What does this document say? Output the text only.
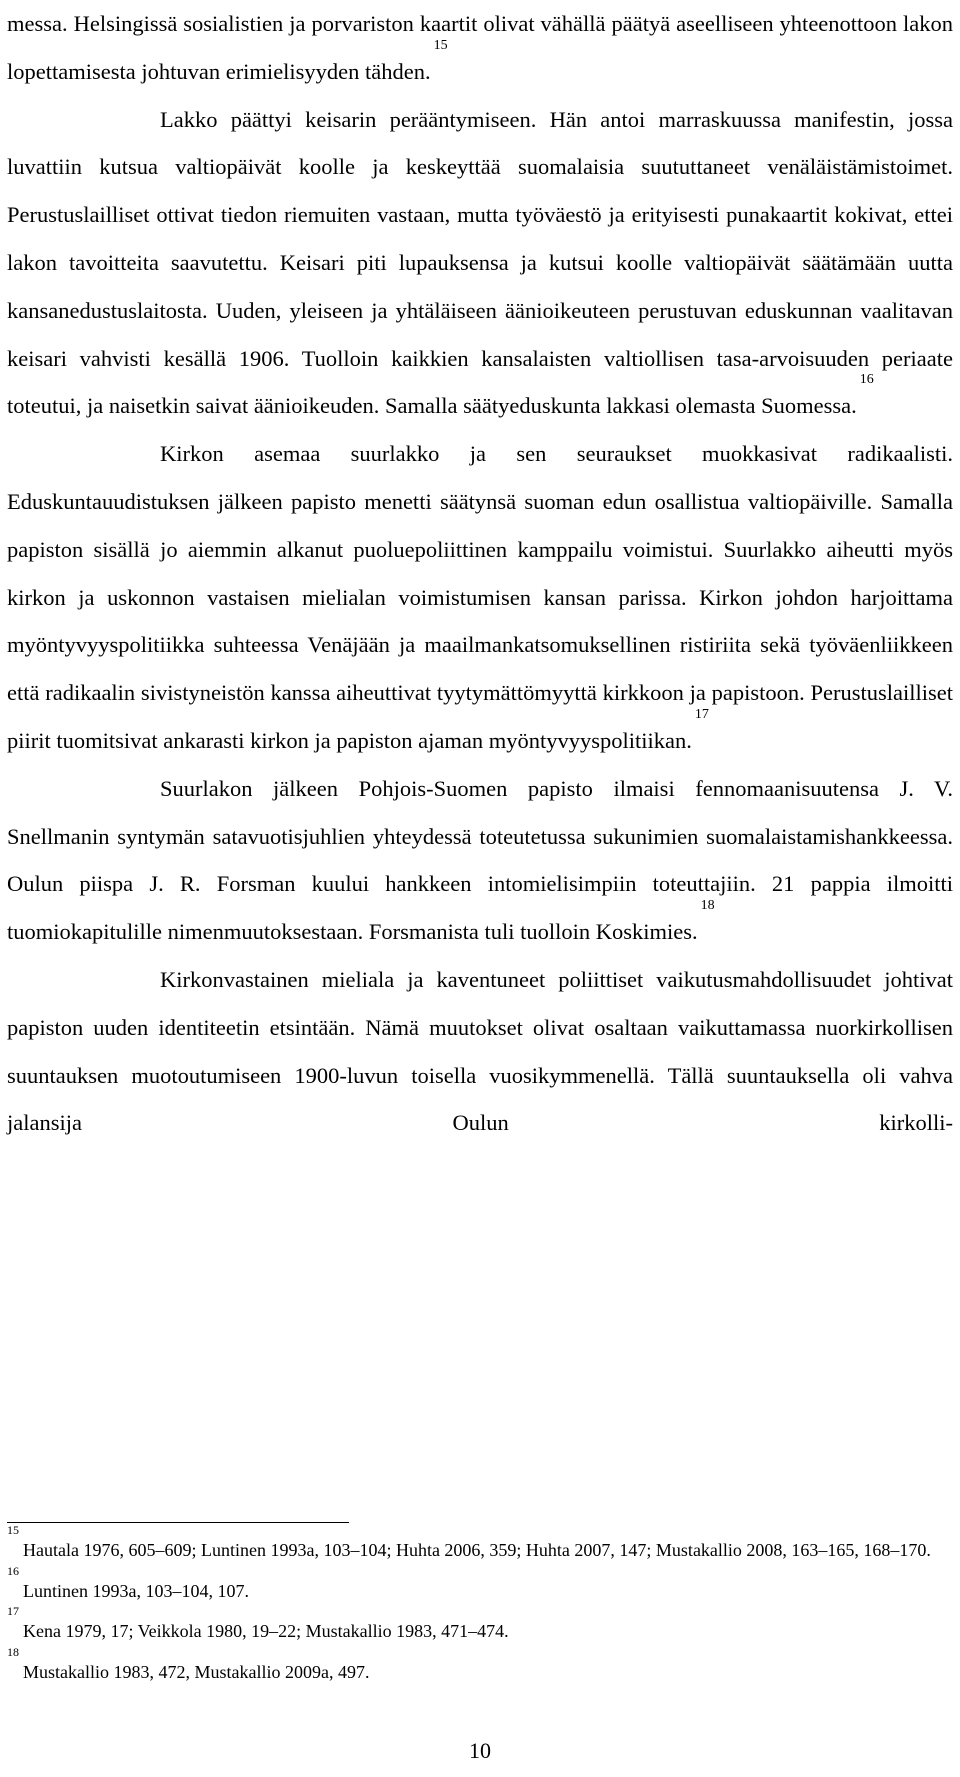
messa. Helsingissä sosialistien ja porvariston kaartit olivat vähällä päätyä aseelliseen yhteenottoon lakon lopettamisesta johtuvan erimielisyyden tähden.$^{15}$

Lakko päättyi keisarin perääntymiseen. Hän antoi marraskuussa manifestin, jossa luvattiin kutsua valtiopäivät koolle ja keskeyttää suomalaisia suututtaneet venäläistämistoimet. Perustuslailliset ottivat tiedon riemuiten vastaan, mutta työväestö ja erityisesti punakaartit kokivat, ettei lakon tavoitteita saavutettu. Keisari piti lupauksensa ja kutsui koolle valtiopäivät säätämään uutta kansanedustuslaitosta. Uuden, yleiseen ja yhtäläiseen äänioikeuteen perustuvan eduskunnan vaalitavan keisari vahvisti kesällä 1906. Tuolloin kaikkien kansalaisten valtiollisen tasa-arvoisuuden periaate toteutui, ja naisetkin saivat äänioikeuden. Samalla säätyeduskunta lakkasi olemasta Suomessa.$^{16}$

Kirkon asemaa suurlakko ja sen seuraukset muokkasivat radikaalisti. Eduskuntauudistuksen jälkeen papisto menetti säätynsä suoman edun osallistua valtiopäiville. Samalla papiston sisällä jo aiemmin alkanut puoluepoliittinen kamppailu voimistui. Suurlakko aiheutti myös kirkon ja uskonnon vastaisen mielialan voimistumisen kansan parissa. Kirkon johdon harjoittama myöntyvyyspolitiikka suhteessa Venäjään ja maailmankatsomuksellinen ristiriita sekä työväenliikkeen että radikaalin sivistyneistön kanssa aiheuttivat tyytymättömyyttä kirkkoon ja papistoon. Perustuslailliset piirit tuomitsivat ankarasti kirkon ja papiston ajaman myöntyvyyspolitiikan.$^{17}$

Suurlakon jälkeen Pohjois-Suomen papisto ilmaisi fennomaanisuutensa J. V. Snellmanin syntymän satavuotisjuhlien yhteydessä toteutetussa sukunimien suomalaistamishankkeessa. Oulun piispa J. R. Forsman kuului hankkeen intomielisimpiin toteuttajiin. 21 pappia ilmoitti tuomiokapitulille nimenmuutoksestaan. Forsmanista tuli tuolloin Koskimies.$^{18}$

Kirkonvastainen mieliala ja kaventuneet poliittiset vaikutusmahdollisuudet johtivat papiston uuden identiteetin etsintään. Nämä muutokset olivat osaltaan vaikuttamassa nuorkirkollisen suuntauksen muotoutumiseen 1900-luvun toisella vuosikymmenellä. Tällä suuntauksella oli vahva jalansija Oulun kirkolli-

$^{15}$Hautala 1976, 605–609; Luntinen 1993a, 103–104; Huhta 2006, 359; Huhta 2007, 147; Mustakallio 2008, 163–165, 168–170.

$^{16}$Luntinen 1993a, 103–104, 107.

$^{17}$Kena 1979, 17; Veikkola 1980, 19–22; Mustakallio 1983, 471–474.

$^{18}$Mustakallio 1983, 472, Mustakallio 2009a, 497.

10
